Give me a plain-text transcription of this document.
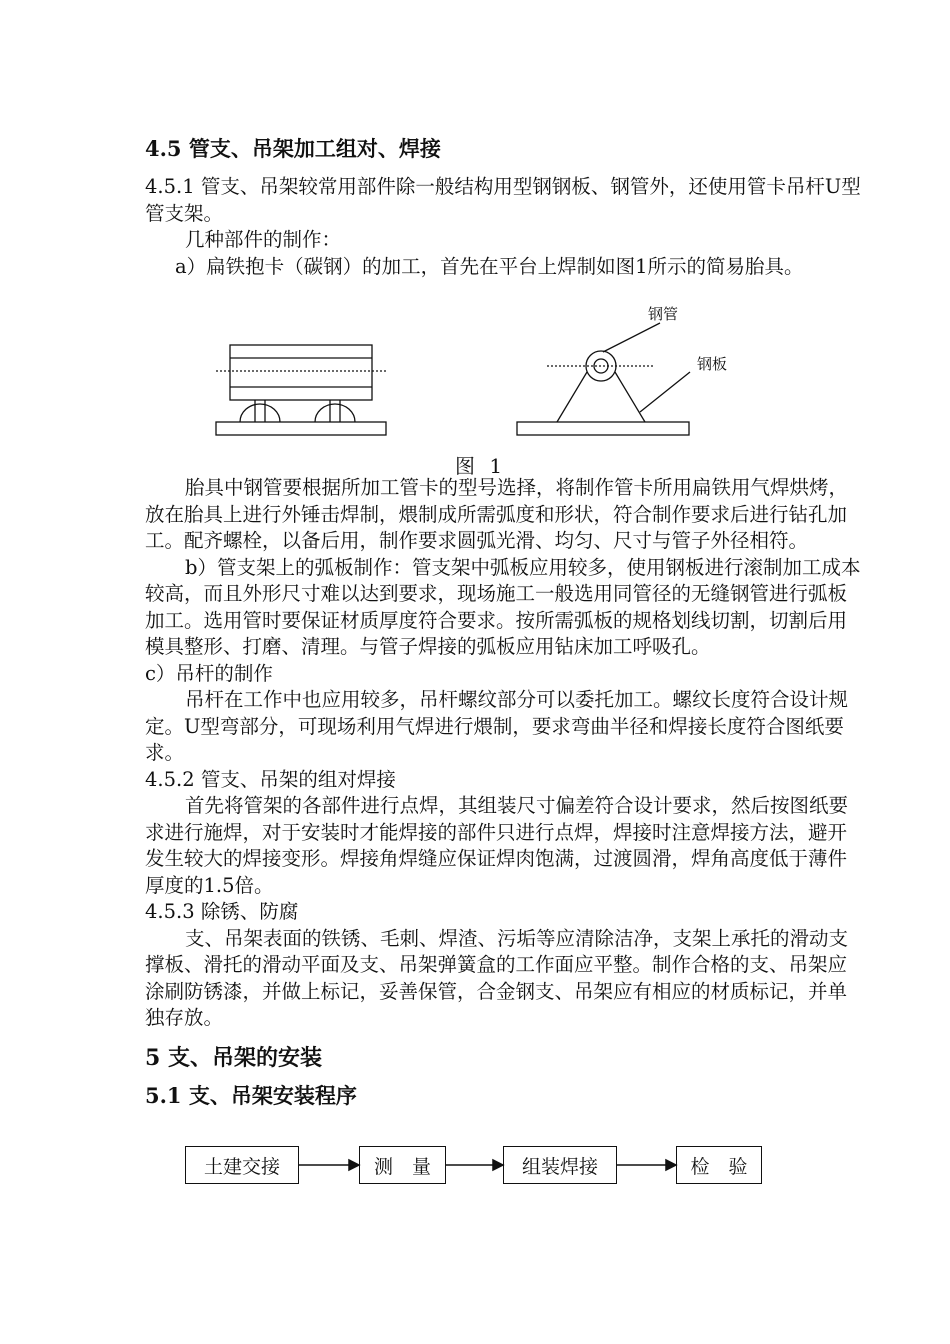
4.5 管支、吊架加工组对、焊接

4.5.1 管支、吊架较常用部件除一般结构用型钢钢板、钢管外，还使用管卡吊杆U型管支架。

几种部件的制作：

a）扁铁抱卡（碳钢）的加工，首先在平台上焊制如图1所示的简易胎具。

钢管
钢板
图 1

胎具中钢管要根据所加工管卡的型号选择，将制作管卡所用扁铁用气焊烘烤，放在胎具上进行外锤击焊制，煨制成所需弧度和形状，符合制作要求后进行钻孔加工。配齐螺栓，以备后用，制作要求圆弧光滑、均匀、尺寸与管子外径相符。

b）管支架上的弧板制作：管支架中弧板应用较多，使用钢板进行滚制加工成本较高，而且外形尺寸难以达到要求，现场施工一般选用同管径的无缝钢管进行弧板加工。选用管时要保证材质厚度符合要求。按所需弧板的规格划线切割，切割后用模具整形、打磨、清理。与管子焊接的弧板应用钻床加工呼吸孔。

c）吊杆的制作

吊杆在工作中也应用较多，吊杆螺纹部分可以委托加工。螺纹长度符合设计规定。U型弯部分，可现场利用气焊进行煨制，要求弯曲半径和焊接长度符合图纸要求。

4.5.2 管支、吊架的组对焊接

首先将管架的各部件进行点焊，其组装尺寸偏差符合设计要求，然后按图纸要求进行施焊，对于安装时才能焊接的部件只进行点焊，焊接时注意焊接方法，避开发生较大的焊接变形。焊接角焊缝应保证焊肉饱满，过渡圆滑，焊角高度低于薄件厚度的1.5倍。

4.5.3 除锈、防腐

支、吊架表面的铁锈、毛刺、焊渣、污垢等应清除洁净，支架上承托的滑动支撑板、滑托的滑动平面及支、吊架弹簧盒的工作面应平整。制作合格的支、吊架应涂刷防锈漆，并做上标记，妥善保管，合金钢支、吊架应有相应的材质标记，并单独存放。

5 支、吊架的安装

5.1 支、吊架安装程序

土建交接	测　量	组装焊接	检　验
